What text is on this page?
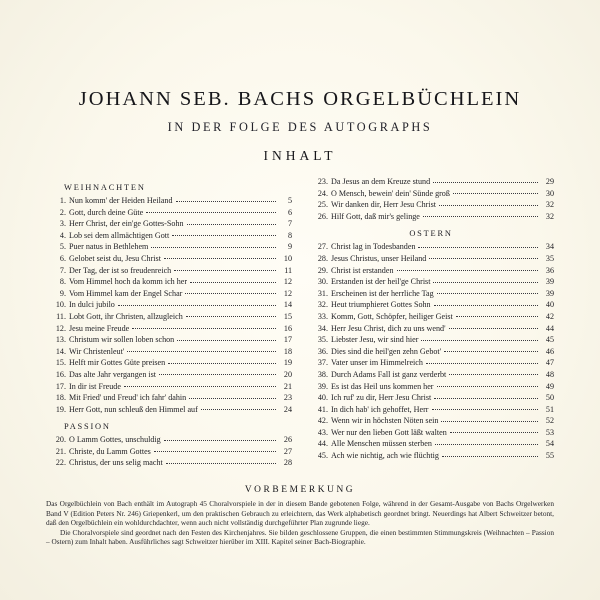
JOHANN SEB. BACHS ORGELBÜCHLEIN
IN DER FOLGE DES AUTOGRAPHS
INHALT
WEIHNACHTEN
1. Nun komm' der Heiden Heiland	5
2. Gott, durch deine Güte	6
3. Herr Christ, der ein'ge Gottes-Sohn	7
4. Lob sei dem allmächtigen Gott	8
5. Puer natus in Bethlehem	9
6. Gelobet seist du, Jesu Christ	10
7. Der Tag, der ist so freudenreich	11
8. Vom Himmel hoch da komm ich her	12
9. Vom Himmel kam der Engel Schar	12
10. In dulci jubilo	14
11. Lobt Gott, ihr Christen, allzugleich	15
12. Jesu meine Freude	16
13. Christum wir sollen loben schon	17
14. Wir Christenleut'	18
15. Helft mir Gottes Güte preisen	19
16. Das alte Jahr vergangen ist	20
17. In dir ist Freude	21
18. Mit Fried' und Freud' ich fahr' dahin	23
19. Herr Gott, nun schleuß den Himmel auf	24
PASSION
20. O Lamm Gottes, unschuldig	26
21. Christe, du Lamm Gottes	27
22. Christus, der uns selig macht	28
23. Da Jesus an dem Kreuze stund	29
24. O Mensch, bewein' dein' Sünde groß	30
25. Wir danken dir, Herr Jesu Christ	32
26. Hilf Gott, daß mir's gelinge	32
OSTERN
27. Christ lag in Todesbanden	34
28. Jesus Christus, unser Heiland	35
29. Christ ist erstanden	36
30. Erstanden ist der heil'ge Christ	39
31. Erscheinen ist der herrliche Tag	39
32. Heut triumphieret Gottes Sohn	40
33. Komm, Gott, Schöpfer, heiliger Geist	42
34. Herr Jesu Christ, dich zu uns wend'	44
35. Liebster Jesu, wir sind hier	45
36. Dies sind die heil'gen zehn Gebot'	46
37. Vater unser im Himmelreich	47
38. Durch Adams Fall ist ganz verderbt	48
39. Es ist das Heil uns kommen her	49
40. Ich ruf' zu dir, Herr Jesu Christ	50
41. In dich hab' ich gehoffet, Herr	51
42. Wenn wir in höchsten Nöten sein	52
43. Wer nur den lieben Gott läßt walten	53
44. Alle Menschen müssen sterben	54
45. Ach wie nichtig, ach wie flüchtig	55
VORBEMERKUNG

Das Orgelbüchlein von Bach enthält im Autograph 45 Choralvorspiele in der in diesem Bande gebotenen Folge, während in der Gesamt-Ausgabe von Bachs Orgelwerken Band V (Edition Peters Nr. 246) Griepenkerl, um den praktischen Gebrauch zu erleichtern, das Werk alphabetisch geordnet bringt. Neuerdings hat Albert Schweitzer betont, daß den Orgelbüchlein ein wohldurchdachter, wenn auch nicht vollständig durchgeführter Plan zugrunde liege.

Die Choralvorspiele sind geordnet nach den Festen des Kirchenjahres. Sie bilden geschlossene Gruppen, die einen bestimmten Stimmungskreis (Weihnachten – Passion – Ostern) zum Inhalt haben. Ausführliches sagt Schweitzer hierüber im XIII. Kapitel seiner Bach-Biographie.
